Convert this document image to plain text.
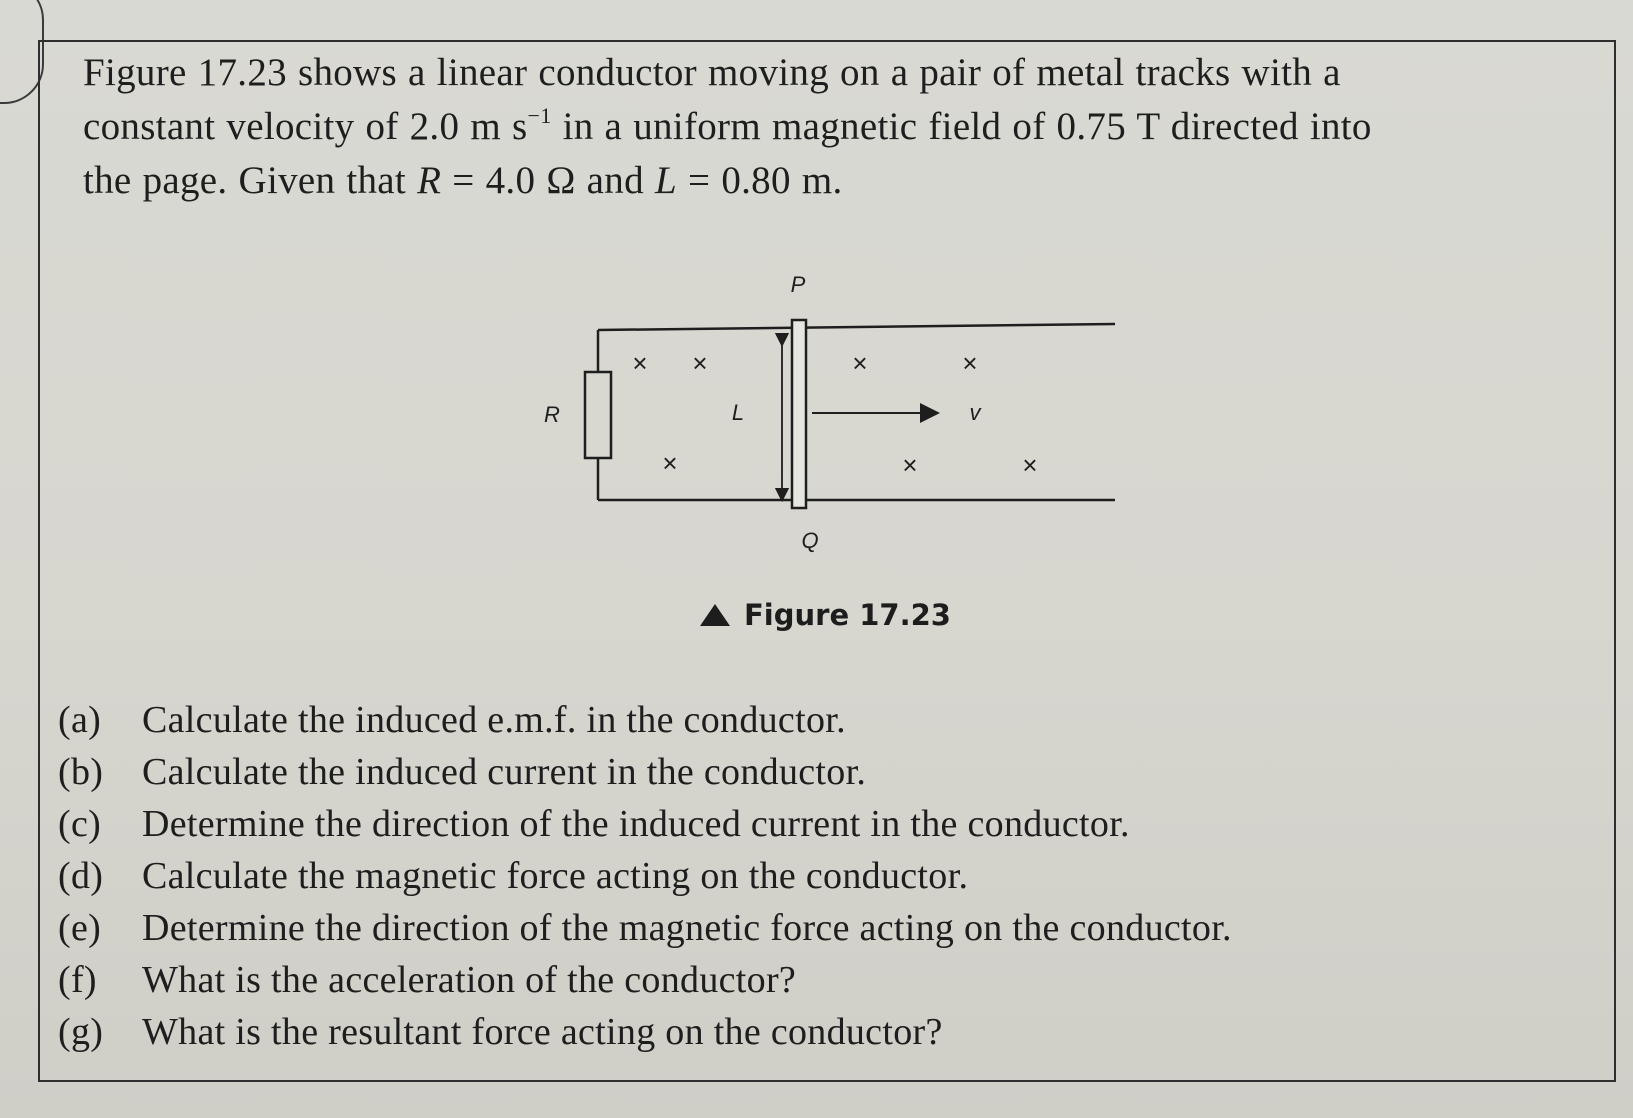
Figure 17.23 shows a linear conductor moving on a pair of metal tracks with a
constant velocity of 2.0 m $s^{-1}$ in a uniform magnetic field of 0.75 T directed into
the page. Given that R = 4.0 Ω and L = 0.80 m.

P
Q
R	L	v
× ×
×
×	×
×	×
Figure 17.23
(a)	Calculate the induced e.m.f. in the conductor.
(b)	Calculate the induced current in the conductor.
(c)	Determine the direction of the induced current in the conductor.
(d)	Calculate the magnetic force acting on the conductor.
(e)	Determine the direction of the magnetic force acting on the conductor.
(f)	What is the acceleration of the conductor?
(g)	What is the resultant force acting on the conductor?
